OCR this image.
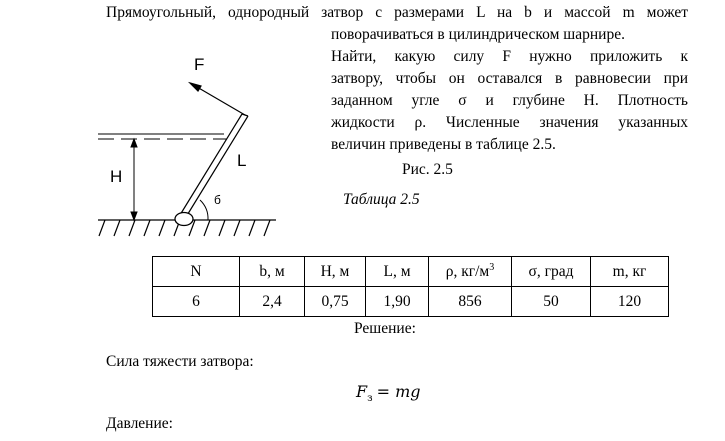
Прямоугольный, однородный затвор с размерами L на b и массой m может
поворачиваться в цилиндрическом шарнире.
Найти, какую силу F нужно приложить к
затвору, чтобы он оставался в равновесии при
заданном угле σ и глубине H. Плотность
жидкости ρ. Численные значения указанных
величин приведены в таблице 2.5.
F
L
H
б
Рис. 2.5
Таблица 2.5
N	b, м	H, м	L, м	ρ, $кг/м^3$	σ, град	m, кг
6	2,4	0,75	1,90	856	50	120
Решение:
Сила тяжести затвора:
$F_з$ = mg
Давление:
